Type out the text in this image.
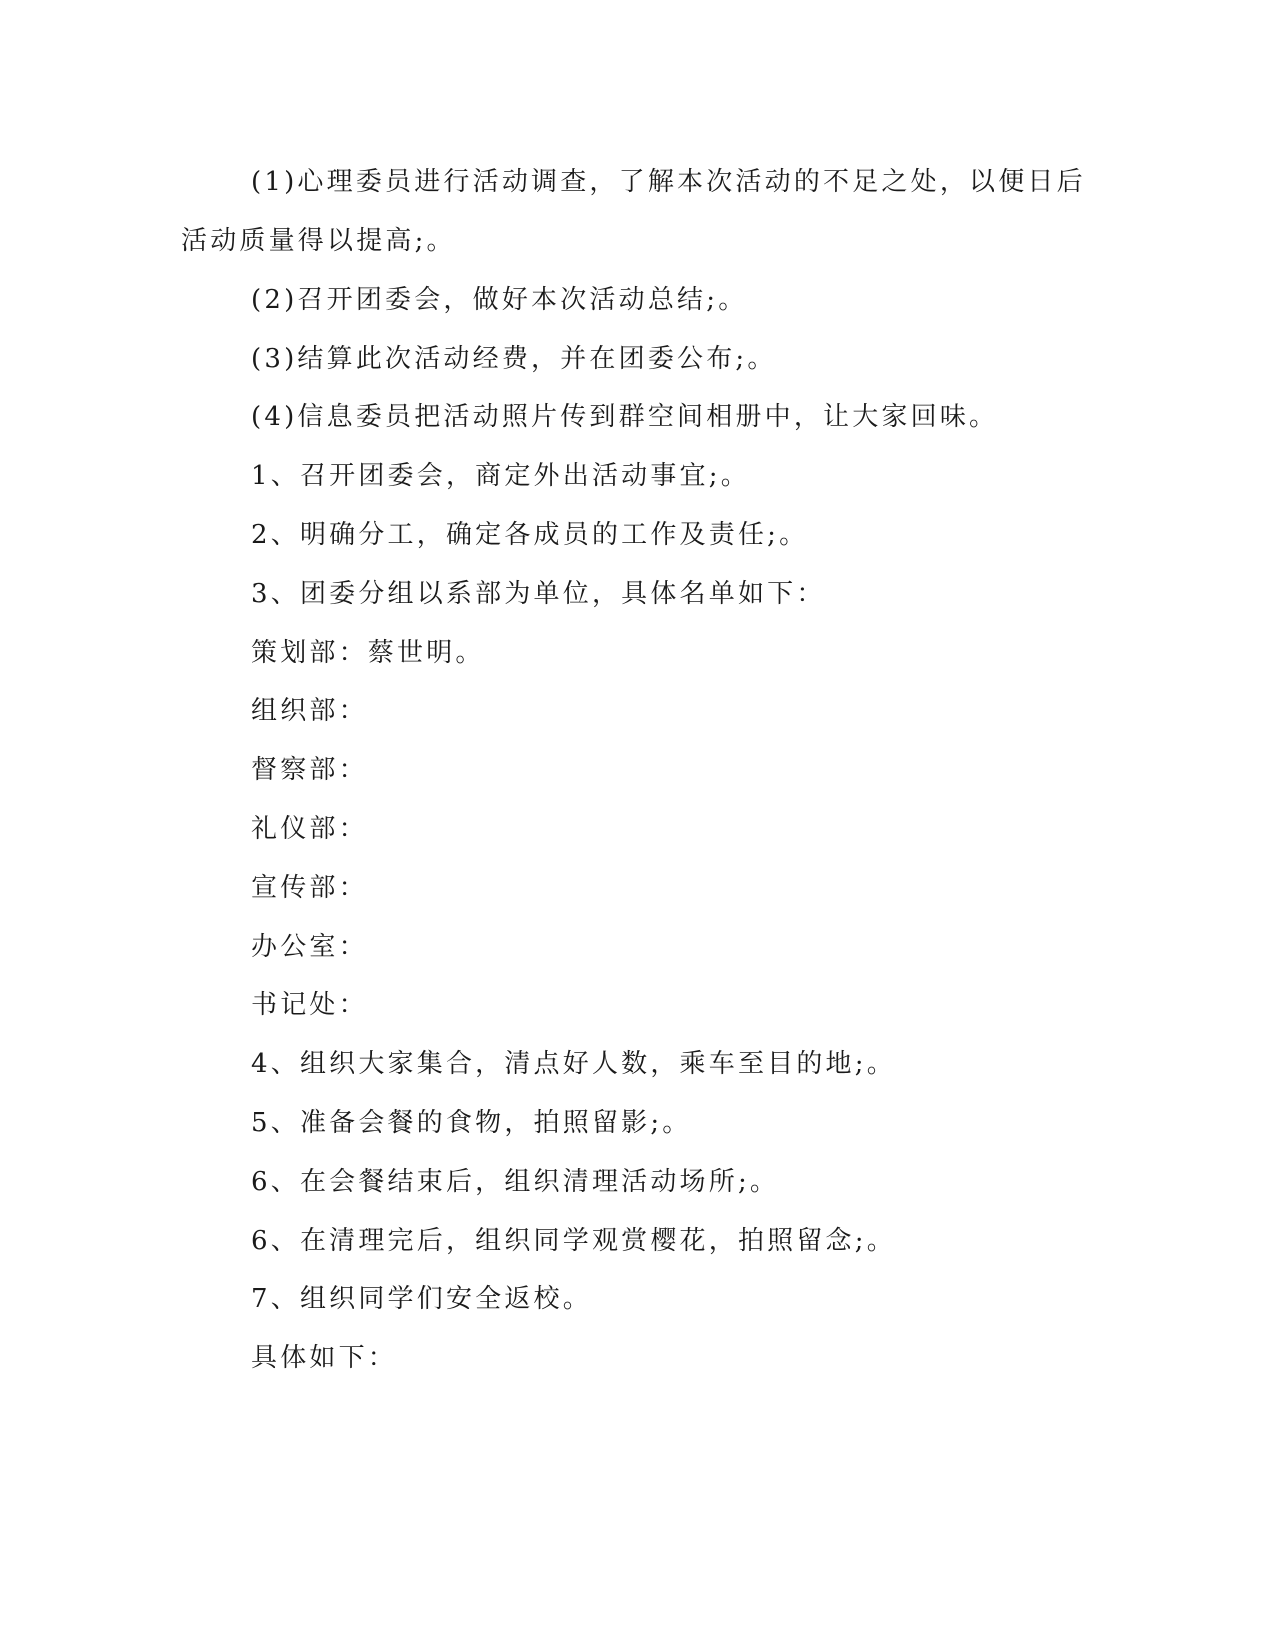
(1)心理委员进行活动调查，了解本次活动的不足之处，以便日后
活动质量得以提高;。
(2)召开团委会，做好本次活动总结;。
(3)结算此次活动经费，并在团委公布;。
(4)信息委员把活动照片传到群空间相册中，让大家回味。
1、召开团委会，商定外出活动事宜;。
2、明确分工，确定各成员的工作及责任;。
3、团委分组以系部为单位，具体名单如下：
策划部：蔡世明。
组织部：
督察部：
礼仪部：
宣传部：
办公室：
书记处：
4、组织大家集合，清点好人数，乘车至目的地;。
5、准备会餐的食物，拍照留影;。
6、在会餐结束后，组织清理活动场所;。
6、在清理完后，组织同学观赏樱花，拍照留念;。
7、组织同学们安全返校。
具体如下：
